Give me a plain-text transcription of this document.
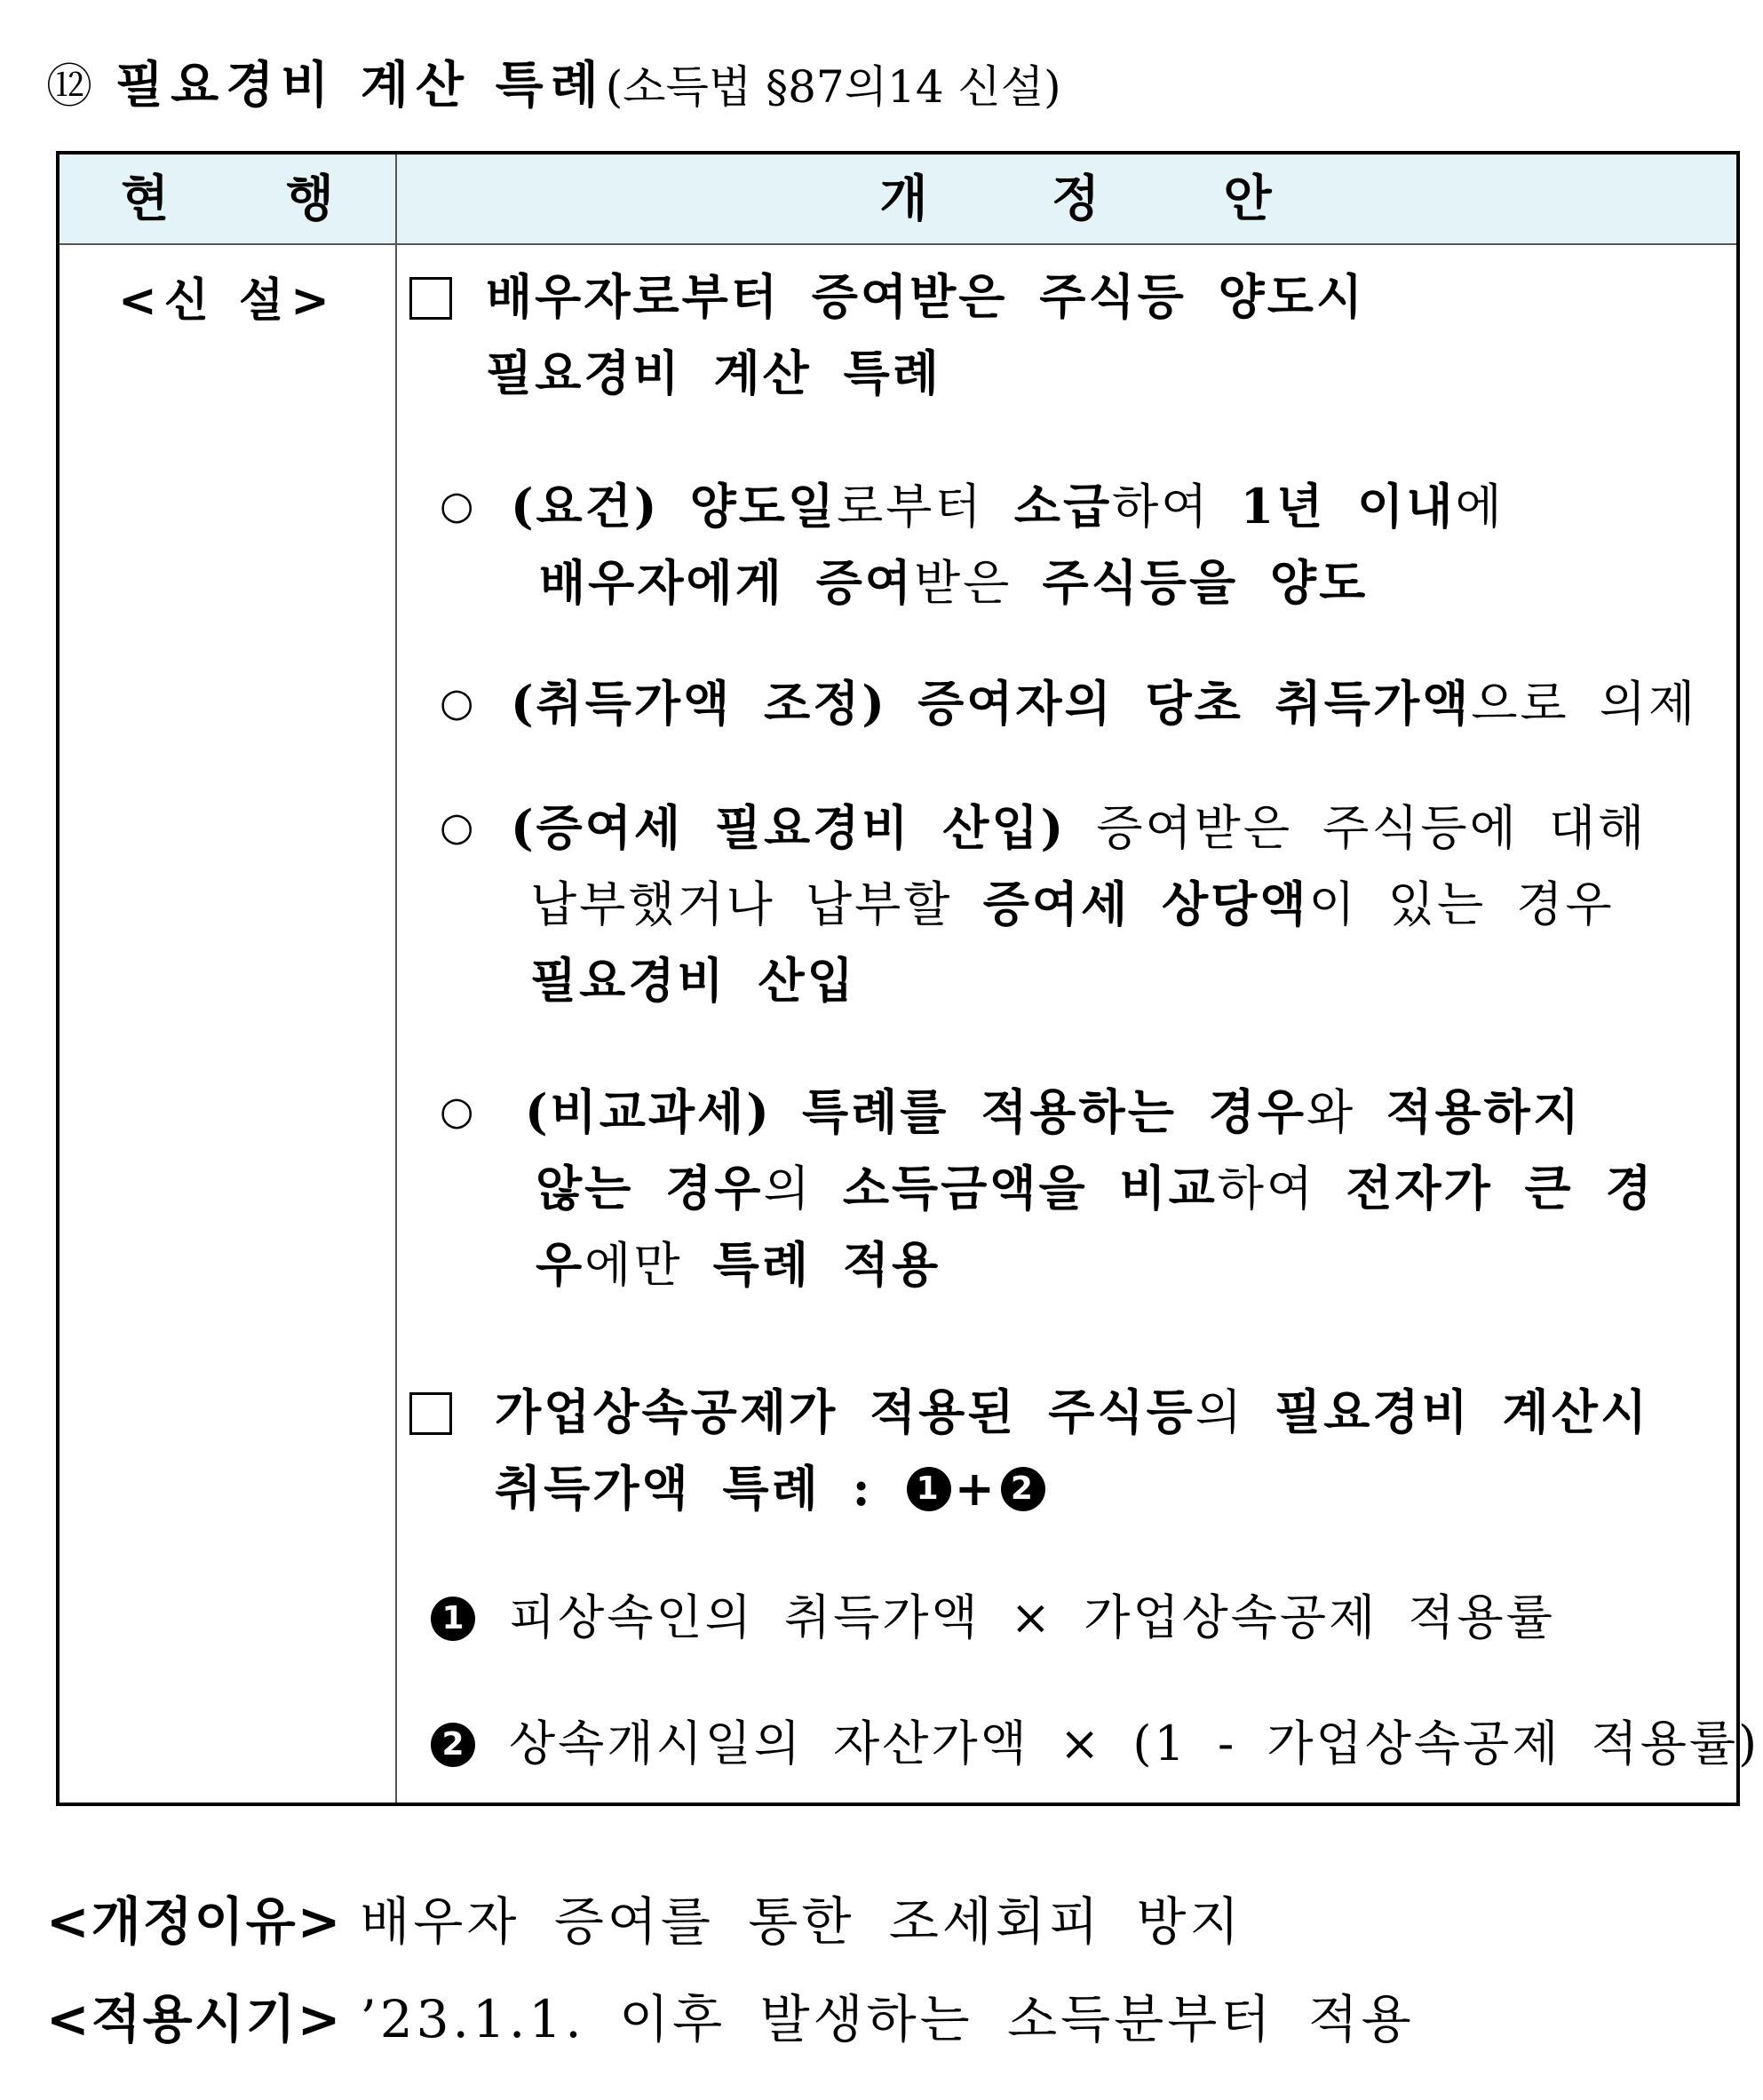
⑫ 필요경비 계산 특례(소득법 §87의14 신설)
현 행	개 정 안
<신 설>	배우자로부터 증여받은 주식등 양도시
필요경비 계산 특례
○ (요건) 양도일로부터 소급하여 1년 이내에
배우자에게 증여받은 주식등을 양도
○ (취득가액 조정) 증여자의 당초 취득가액으로 의제
○ (증여세 필요경비 산입) 증여받은 주식등에 대해
납부했거나 납부할 증여세 상당액이 있는 경우
필요경비 산입
○ (비교과세) 특례를 적용하는 경우와 적용하지
않는 경우의 소득금액을 비교하여 전자가 큰 경
우에만 특례 적용
가업상속공제가 적용된 주식등의 필요경비 계산시
취득가액 특례 : 1 + 2
1 피상속인의 취득가액 × 가업상속공제 적용률
2 상속개시일의 자산가액 × (1 - 가업상속공제 적용률)
<개정이유> 배우자 증여를 통한 조세회피 방지
<적용시기> ’23.1.1. 이후 발생하는 소득분부터 적용
